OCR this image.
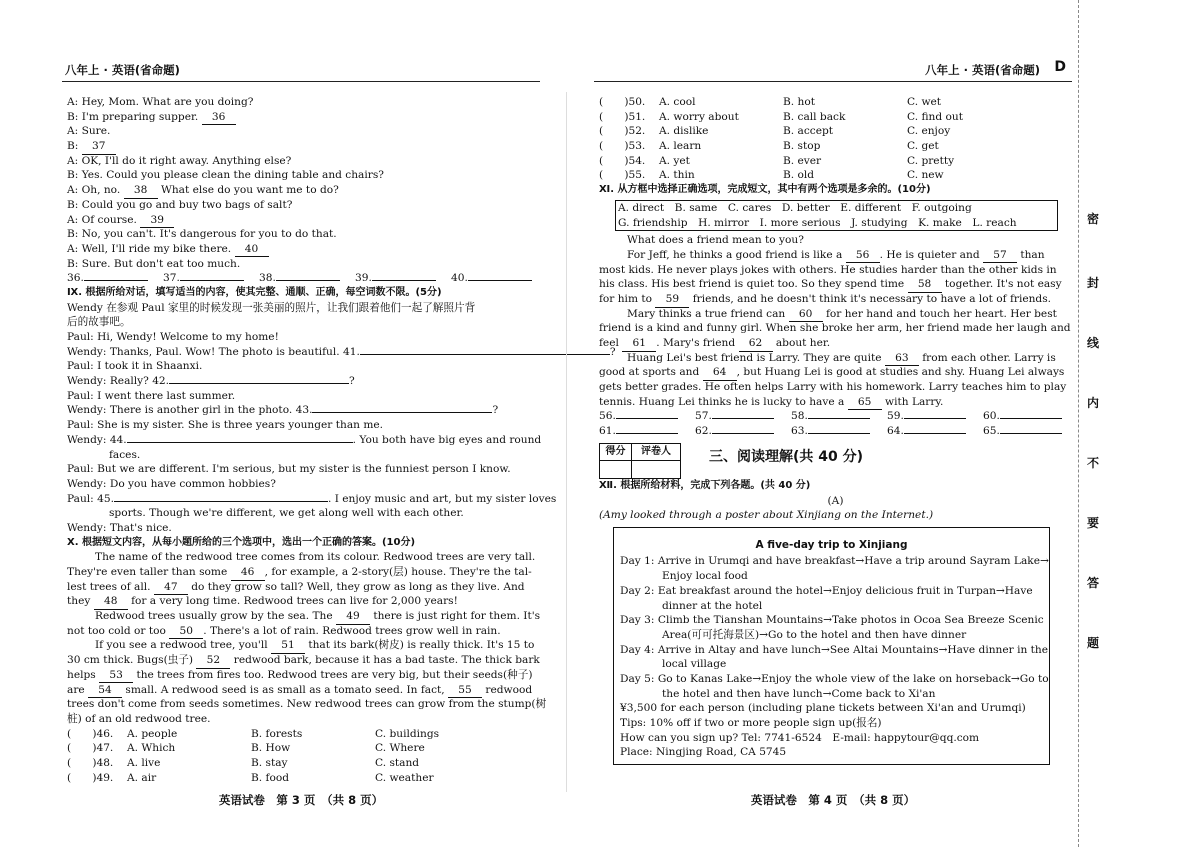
八年上 · 英语(省命题)
A: Hey, Mom. What are you doing?
B: I'm preparing supper. 36
A: Sure.
B: 37
A: OK, I'll do it right away. Anything else?
B: Yes. Could you please clean the dining table and chairs?
A: Oh, no. 38 What else do you want me to do?
B: Could you go and buy two bags of salt?
A: Of course. 39
B: No, you can't. It's dangerous for you to do that.
A: Well, I'll ride my bike there. 40
B: Sure. But don't eat too much.
36.	37.	38.	39.	40.
Ⅸ. 根据所给对话，填写适当的内容，使其完整、通顺、正确，每空词数不限。(5分)
Wendy 在参观 Paul 家里的时候发现一张美丽的照片，让我们跟着他们一起了解照片背
后的故事吧。
Paul: Hi, Wendy! Welcome to my home!
Wendy: Thanks, Paul. Wow! The photo is beautiful. 41.	?
Paul: I took it in Shaanxi.
Wendy: Really? 42.	?
Paul: I went there last summer.
Wendy: There is another girl in the photo. 43.	?
Paul: She is my sister. She is three years younger than me.
Wendy: 44.	. You both have big eyes and round
faces.
Paul: But we are different. I'm serious, but my sister is the funniest person I know.
Wendy: Do you have common hobbies?
Paul: 45.	. I enjoy music and art, but my sister loves
sports. Though we're different, we get along well with each other.
Wendy: That's nice.
Ⅹ. 根据短文内容，从每小题所给的三个选项中，选出一个正确的答案。(10分)
The name of the redwood tree comes from its colour. Redwood trees are very tall.
They're even taller than some 46 , for example, a 2-story(层) house. They're the tal-
lest trees of all. 47 do they grow so tall? Well, they grow as long as they live. And
they 48 for a very long time. Redwood trees can live for 2,000 years!
Redwood trees usually grow by the sea. The 49 there is just right for them. It's
not too cold or too 50 . There's a lot of rain. Redwood trees grow well in rain.
If you see a redwood tree, you'll 51 that its bark(树皮) is really thick. It's 15 to
30 cm thick. Bugs(虫子) 52 redwood bark, because it has a bad taste. The thick bark
helps 53 the trees from fires too. Redwood trees are very big, but their seeds(种子)
are 54 small. A redwood seed is as small as a tomato seed. In fact, 55 redwood
trees don't come from seeds sometimes. New redwood trees can grow from the stump(树
桩) of an old redwood tree.
(　　)46.	A. people	B. forests	C. buildings
(　　)47.	A. Which	B. How	C. Where
(　　)48.	A. live	B. stay	C. stand
(　　)49.	A. air	B. food	C. weather
英语试卷　第 3 页　（共 8 页）
八年上 · 英语(省命题) D
(　　)50.	A. cool	B. hot	C. wet
(　　)51.	A. worry about	B. call back	C. find out
(　　)52.	A. dislike	B. accept	C. enjoy
(　　)53.	A. learn	B. stop	C. get
(　　)54.	A. yet	B. ever	C. pretty
(　　)55.	A. thin	B. old	C. new
Ⅺ. 从方框中选择正确选项，完成短文，其中有两个选项是多余的。(10分)
A. direct　B. same　C. cares　D. better　E. different　F. outgoing
G. friendship　H. mirror　I. more serious　J. studying　K. make　L. reach
What does a friend mean to you?
For Jeff, he thinks a good friend is like a 56 . He is quieter and 57 than
most kids. He never plays jokes with others. He studies harder than the other kids in
his class. His best friend is quiet too. So they spend time 58 together. It's not easy
for him to 59 friends, and he doesn't think it's necessary to have a lot of friends.
Mary thinks a true friend can 60 for her hand and touch her heart. Her best
friend is a kind and funny girl. When she broke her arm, her friend made her laugh and
feel 61 . Mary's friend 62 about her.
Huang Lei's best friend is Larry. They are quite 63 from each other. Larry is
good at sports and 64 , but Huang Lei is good at studies and shy. Huang Lei always
gets better grades. He often helps Larry with his homework. Larry teaches him to play
tennis. Huang Lei thinks he is lucky to have a 65 with Larry.
56.	57.	58.	59.	60.
61.	62.	63.	64.	65.
得分	评卷人	三、阅读理解(共 40 分)
Ⅻ. 根据所给材料，完成下列各题。(共 40 分)
(A)
(Amy looked through a poster about Xinjiang on the Internet.)
A five-day trip to Xinjiang
Day 1: Arrive in Urumqi and have breakfast→Have a trip around Sayram Lake→
Enjoy local food
Day 2: Eat breakfast around the hotel→Enjoy delicious fruit in Turpan→Have
dinner at the hotel
Day 3: Climb the Tianshan Mountains→Take photos in Ocoa Sea Breeze Scenic
Area(可可托海景区)→Go to the hotel and then have dinner
Day 4: Arrive in Altay and have lunch→See Altai Mountains→Have dinner in the
local village
Day 5: Go to Kanas Lake→Enjoy the whole view of the lake on horseback→Go to
the hotel and then have lunch→Come back to Xi'an
¥3,500 for each person (including plane tickets between Xi'an and Urumqi)
Tips: 10% off if two or more people sign up(报名)
How can you sign up? Tel: 7741-6524　E-mail: happytour@qq.com
Place: Ningjing Road, CA 5745
英语试卷　第 4 页　（共 8 页）
密
封
线
内
不
要
答
题
